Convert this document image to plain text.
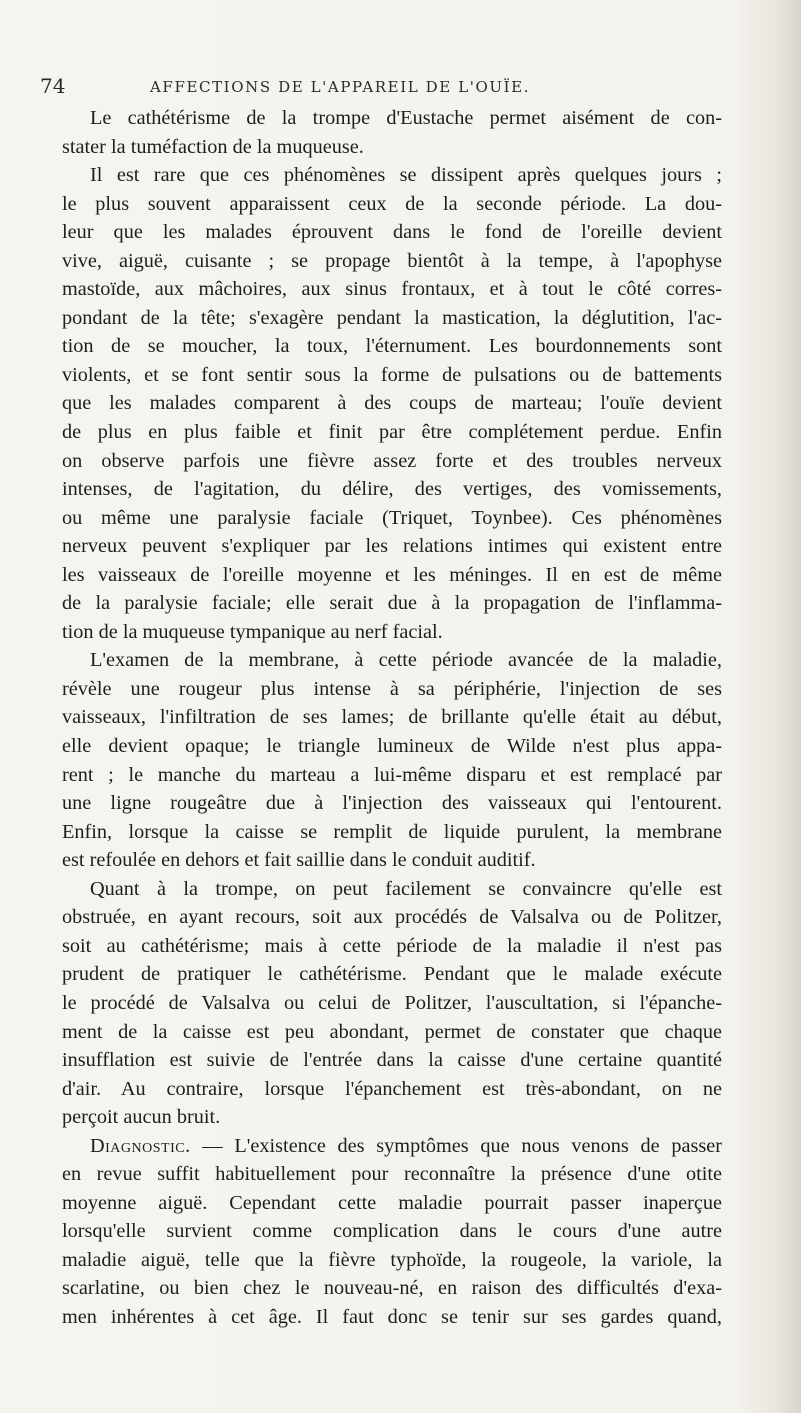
74	AFFECTIONS DE L'APPAREIL DE L'OUÏE.
Le cathétérisme de la trompe d'Eustache permet aisément de con-
stater la tuméfaction de la muqueuse.
Il est rare que ces phénomènes se dissipent après quelques jours ;
le plus souvent apparaissent ceux de la seconde période. La dou-
leur que les malades éprouvent dans le fond de l'oreille devient
vive, aiguë, cuisante ; se propage bientôt à la tempe, à l'apophyse
mastoïde, aux mâchoires, aux sinus frontaux, et à tout le côté corres-
pondant de la tête; s'exagère pendant la mastication, la déglutition, l'ac-
tion de se moucher, la toux, l'éternument. Les bourdonnements sont
violents, et se font sentir sous la forme de pulsations ou de battements
que les malades comparent à des coups de marteau; l'ouïe devient
de plus en plus faible et finit par être complétement perdue. Enfin
on observe parfois une fièvre assez forte et des troubles nerveux
intenses, de l'agitation, du délire, des vertiges, des vomissements,
ou même une paralysie faciale (Triquet, Toynbee). Ces phénomènes
nerveux peuvent s'expliquer par les relations intimes qui existent entre
les vaisseaux de l'oreille moyenne et les méninges. Il en est de même
de la paralysie faciale; elle serait due à la propagation de l'inflamma-
tion de la muqueuse tympanique au nerf facial.
L'examen de la membrane, à cette période avancée de la maladie,
révèle une rougeur plus intense à sa périphérie, l'injection de ses
vaisseaux, l'infiltration de ses lames; de brillante qu'elle était au début,
elle devient opaque; le triangle lumineux de Wilde n'est plus appa-
rent ; le manche du marteau a lui-même disparu et est remplacé par
une ligne rougeâtre due à l'injection des vaisseaux qui l'entourent.
Enfin, lorsque la caisse se remplit de liquide purulent, la membrane
est refoulée en dehors et fait saillie dans le conduit auditif.
Quant à la trompe, on peut facilement se convaincre qu'elle est
obstruée, en ayant recours, soit aux procédés de Valsalva ou de Politzer,
soit au cathétérisme; mais à cette période de la maladie il n'est pas
prudent de pratiquer le cathétérisme. Pendant que le malade exécute
le procédé de Valsalva ou celui de Politzer, l'auscultation, si l'épanche-
ment de la caisse est peu abondant, permet de constater que chaque
insufflation est suivie de l'entrée dans la caisse d'une certaine quantité
d'air. Au contraire, lorsque l'épanchement est très-abondant, on ne
perçoit aucun bruit.
Diagnostic. — L'existence des symptômes que nous venons de passer
en revue suffit habituellement pour reconnaître la présence d'une otite
moyenne aiguë. Cependant cette maladie pourrait passer inaperçue
lorsqu'elle survient comme complication dans le cours d'une autre
maladie aiguë, telle que la fièvre typhoïde, la rougeole, la variole, la
scarlatine, ou bien chez le nouveau-né, en raison des difficultés d'exa-
men inhérentes à cet âge. Il faut donc se tenir sur ses gardes quand,
